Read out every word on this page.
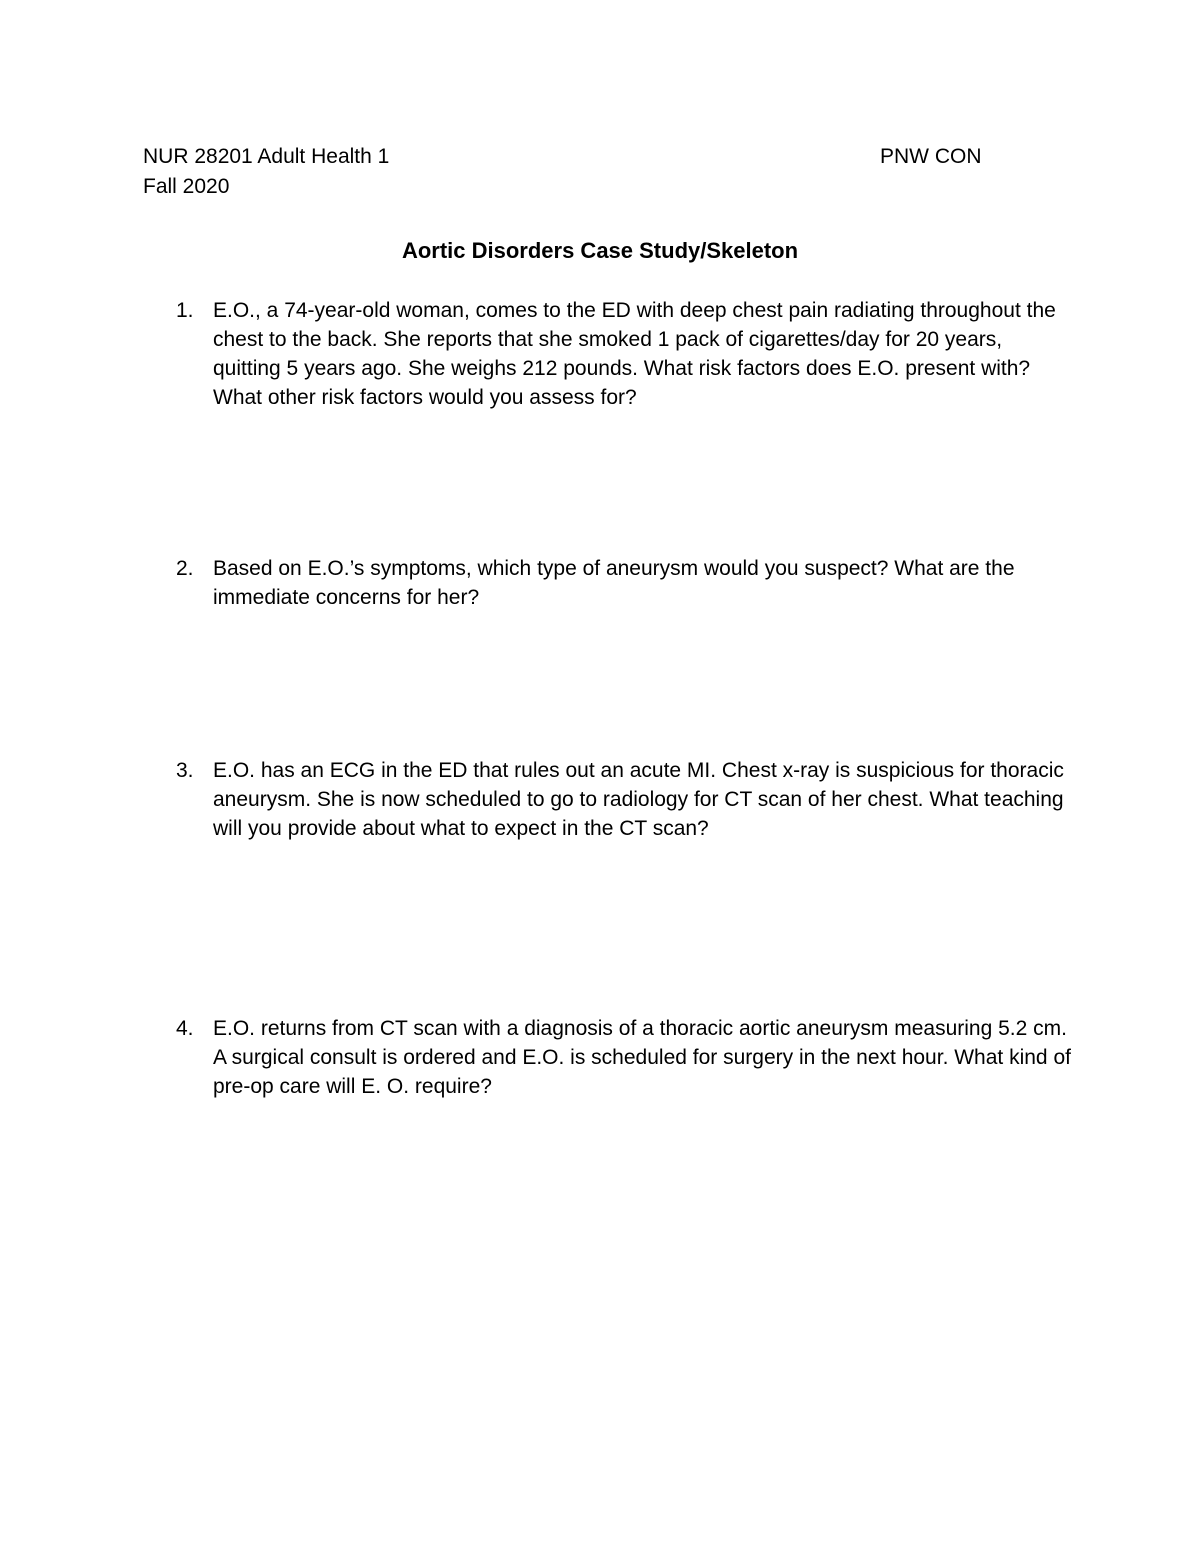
NUR 28201 Adult Health 1
Fall 2020
PNW CON
Aortic Disorders Case Study/Skeleton
1. E.O., a 74-year-old woman, comes to the ED with deep chest pain radiating throughout the chest to the back. She reports that she smoked 1 pack of cigarettes/day for 20 years, quitting 5 years ago. She weighs 212 pounds. What risk factors does E.O. present with? What other risk factors would you assess for?
2. Based on E.O.’s symptoms, which type of aneurysm would you suspect? What are the immediate concerns for her?
3. E.O. has an ECG in the ED that rules out an acute MI. Chest x-ray is suspicious for thoracic aneurysm. She is now scheduled to go to radiology for CT scan of her chest. What teaching will you provide about what to expect in the CT scan?
4. E.O. returns from CT scan with a diagnosis of a thoracic aortic aneurysm measuring 5.2 cm. A surgical consult is ordered and E.O. is scheduled for surgery in the next hour. What kind of pre-op care will E. O. require?
